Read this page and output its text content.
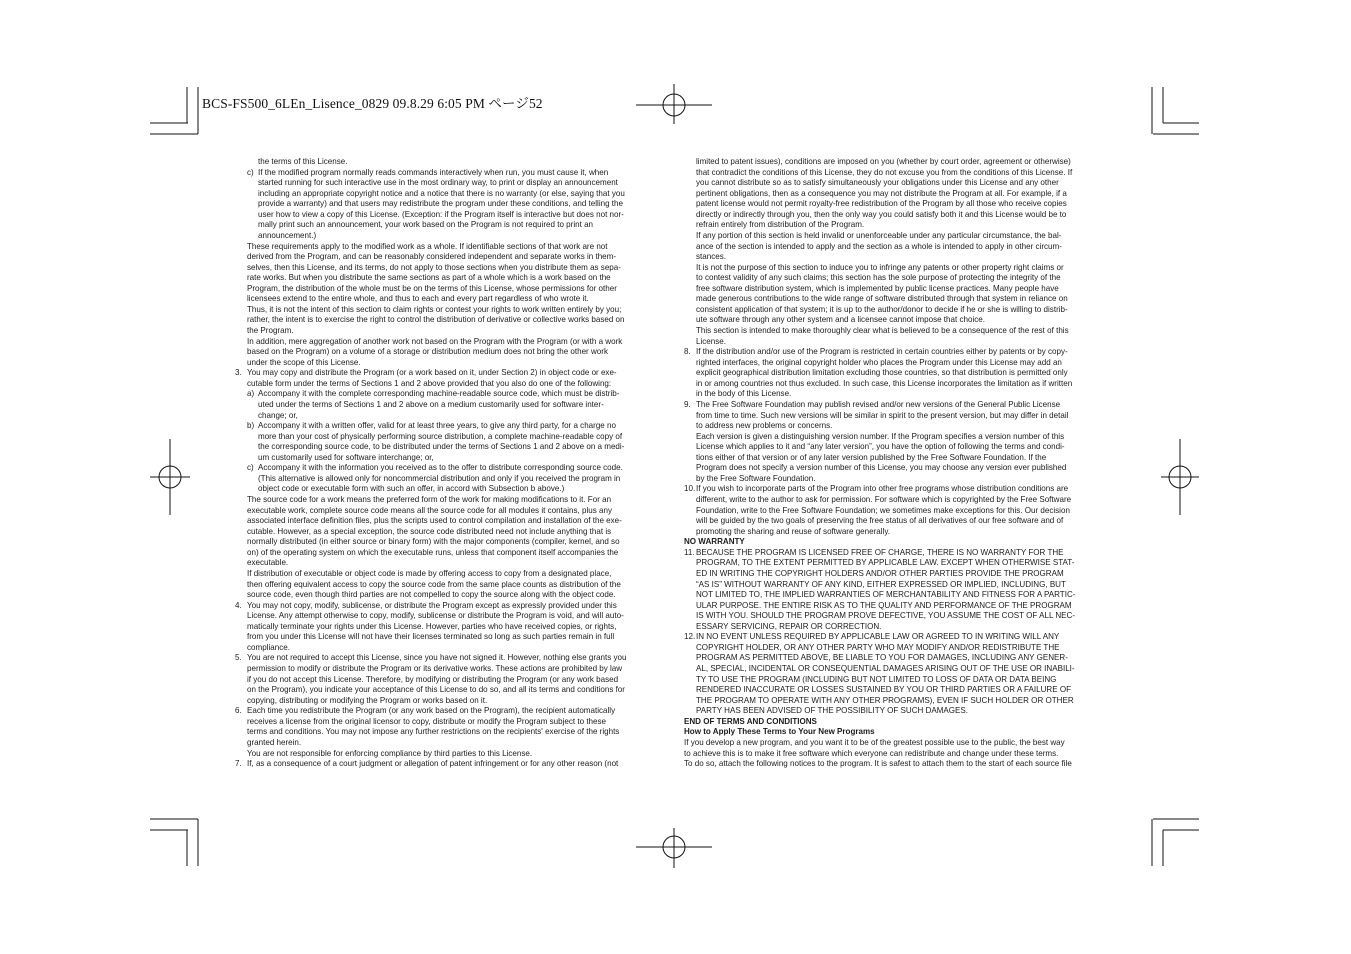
BCS-FS500_6LEn_Lisence_0829 09.8.29 6:05 PM ページ52
the terms of this License.
c) If the modified program normally reads commands interactively when run, you must cause it, when
started running for such interactive use in the most ordinary way, to print or display an announcement
including an appropriate copyright notice and a notice that there is no warranty (or else, saying that you
provide a warranty) and that users may redistribute the program under these conditions, and telling the
user how to view a copy of this License. (Exception: if the Program itself is interactive but does not nor-
mally print such an announcement, your work based on the Program is not required to print an
announcement.)
These requirements apply to the modified work as a whole. If identifiable sections of that work are not
derived from the Program, and can be reasonably considered independent and separate works in them-
selves, then this License, and its terms, do not apply to those sections when you distribute them as sepa-
rate works. But when you distribute the same sections as part of a whole which is a work based on the
Program, the distribution of the whole must be on the terms of this License, whose permissions for other
licensees extend to the entire whole, and thus to each and every part regardless of who wrote it.
Thus, it is not the intent of this section to claim rights or contest your rights to work written entirely by you;
rather, the intent is to exercise the right to control the distribution of derivative or collective works based on
the Program.
In addition, mere aggregation of another work not based on the Program with the Program (or with a work
based on the Program) on a volume of a storage or distribution medium does not bring the other work
under the scope of this License.
3. You may copy and distribute the Program (or a work based on it, under Section 2) in object code or exe-
cutable form under the terms of Sections 1 and 2 above provided that you also do one of the following:
a) Accompany it with the complete corresponding machine-readable source code, which must be distrib-
uted under the terms of Sections 1 and 2 above on a medium customarily used for software inter-
change; or,
b) Accompany it with a written offer, valid for at least three years, to give any third party, for a charge no
more than your cost of physically performing source distribution, a complete machine-readable copy of
the corresponding source code, to be distributed under the terms of Sections 1 and 2 above on a medi-
um customarily used for software interchange; or,
c) Accompany it with the information you received as to the offer to distribute corresponding source code.
(This alternative is allowed only for noncommercial distribution and only if you received the program in
object code or executable form with such an offer, in accord with Subsection b above.)
The source code for a work means the preferred form of the work for making modifications to it. For an
executable work, complete source code means all the source code for all modules it contains, plus any
associated interface definition files, plus the scripts used to control compilation and installation of the exe-
cutable. However, as a special exception, the source code distributed need not include anything that is
normally distributed (in either source or binary form) with the major components (compiler, kernel, and so
on) of the operating system on which the executable runs, unless that component itself accompanies the
executable.
If distribution of executable or object code is made by offering access to copy from a designated place,
then offering equivalent access to copy the source code from the same place counts as distribution of the
source code, even though third parties are not compelled to copy the source along with the object code.
4. You may not copy, modify, sublicense, or distribute the Program except as expressly provided under this
License. Any attempt otherwise to copy, modify, sublicense or distribute the Program is void, and will auto-
matically terminate your rights under this License. However, parties who have received copies, or rights,
from you under this License will not have their licenses terminated so long as such parties remain in full
compliance.
5. You are not required to accept this License, since you have not signed it. However, nothing else grants you
permission to modify or distribute the Program or its derivative works. These actions are prohibited by law
if you do not accept this License. Therefore, by modifying or distributing the Program (or any work based
on the Program), you indicate your acceptance of this License to do so, and all its terms and conditions for
copying, distributing or modifying the Program or works based on it.
6. Each time you redistribute the Program (or any work based on the Program), the recipient automatically
receives a license from the original licensor to copy, distribute or modify the Program subject to these
terms and conditions. You may not impose any further restrictions on the recipients' exercise of the rights
granted herein.
You are not responsible for enforcing compliance by third parties to this License.
7. If, as a consequence of a court judgment or allegation of patent infringement or for any other reason (not
limited to patent issues), conditions are imposed on you (whether by court order, agreement or otherwise)
that contradict the conditions of this License, they do not excuse you from the conditions of this License. If
you cannot distribute so as to satisfy simultaneously your obligations under this License and any other
pertinent obligations, then as a consequence you may not distribute the Program at all. For example, if a
patent license would not permit royalty-free redistribution of the Program by all those who receive copies
directly or indirectly through you, then the only way you could satisfy both it and this License would be to
refrain entirely from distribution of the Program.
If any portion of this section is held invalid or unenforceable under any particular circumstance, the bal-
ance of the section is intended to apply and the section as a whole is intended to apply in other circum-
stances.
It is not the purpose of this section to induce you to infringe any patents or other property right claims or
to contest validity of any such claims; this section has the sole purpose of protecting the integrity of the
free software distribution system, which is implemented by public license practices. Many people have
made generous contributions to the wide range of software distributed through that system in reliance on
consistent application of that system; it is up to the author/donor to decide if he or she is willing to distrib-
ute software through any other system and a licensee cannot impose that choice.
This section is intended to make thoroughly clear what is believed to be a consequence of the rest of this
License.
8. If the distribution and/or use of the Program is restricted in certain countries either by patents or by copy-
righted interfaces, the original copyright holder who places the Program under this License may add an
explicit geographical distribution limitation excluding those countries, so that distribution is permitted only
in or among countries not thus excluded. In such case, this License incorporates the limitation as if written
in the body of this License.
9. The Free Software Foundation may publish revised and/or new versions of the General Public License
from time to time. Such new versions will be similar in spirit to the present version, but may differ in detail
to address new problems or concerns.
Each version is given a distinguishing version number. If the Program specifies a version number of this
License which applies to it and “any later version”, you have the option of following the terms and condi-
tions either of that version or of any later version published by the Free Software Foundation. If the
Program does not specify a version number of this License, you may choose any version ever published
by the Free Software Foundation.
10. If you wish to incorporate parts of the Program into other free programs whose distribution conditions are
different, write to the author to ask for permission. For software which is copyrighted by the Free Software
Foundation, write to the Free Software Foundation; we sometimes make exceptions for this. Our decision
will be guided by the two goals of preserving the free status of all derivatives of our free software and of
promoting the sharing and reuse of software generally.
NO WARRANTY
11. BECAUSE THE PROGRAM IS LICENSED FREE OF CHARGE, THERE IS NO WARRANTY FOR THE
PROGRAM, TO THE EXTENT PERMITTED BY APPLICABLE LAW. EXCEPT WHEN OTHERWISE STAT-
ED IN WRITING THE COPYRIGHT HOLDERS AND/OR OTHER PARTIES PROVIDE THE PROGRAM
“AS IS” WITHOUT WARRANTY OF ANY KIND, EITHER EXPRESSED OR IMPLIED, INCLUDING, BUT
NOT LIMITED TO, THE IMPLIED WARRANTIES OF MERCHANTABILITY AND FITNESS FOR A PARTIC-
ULAR PURPOSE. THE ENTIRE RISK AS TO THE QUALITY AND PERFORMANCE OF THE PROGRAM
IS WITH YOU. SHOULD THE PROGRAM PROVE DEFECTIVE, YOU ASSUME THE COST OF ALL NEC-
ESSARY SERVICING, REPAIR OR CORRECTION.
12. IN NO EVENT UNLESS REQUIRED BY APPLICABLE LAW OR AGREED TO IN WRITING WILL ANY
COPYRIGHT HOLDER, OR ANY OTHER PARTY WHO MAY MODIFY AND/OR REDISTRIBUTE THE
PROGRAM AS PERMITTED ABOVE, BE LIABLE TO YOU FOR DAMAGES, INCLUDING ANY GENER-
AL, SPECIAL, INCIDENTAL OR CONSEQUENTIAL DAMAGES ARISING OUT OF THE USE OR INABILI-
TY TO USE THE PROGRAM (INCLUDING BUT NOT LIMITED TO LOSS OF DATA OR DATA BEING
RENDERED INACCURATE OR LOSSES SUSTAINED BY YOU OR THIRD PARTIES OR A FAILURE OF
THE PROGRAM TO OPERATE WITH ANY OTHER PROGRAMS), EVEN IF SUCH HOLDER OR OTHER
PARTY HAS BEEN ADVISED OF THE POSSIBILITY OF SUCH DAMAGES.
END OF TERMS AND CONDITIONS
How to Apply These Terms to Your New Programs
If you develop a new program, and you want it to be of the greatest possible use to the public, the best way
to achieve this is to make it free software which everyone can redistribute and change under these terms.
To do so, attach the following notices to the program. It is safest to attach them to the start of each source file
